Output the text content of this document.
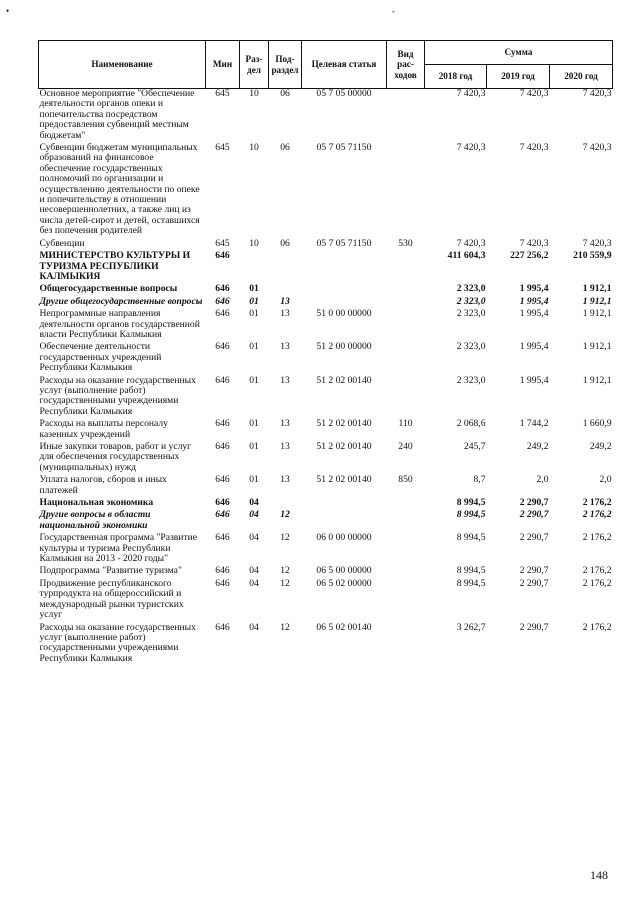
•	-
Наименование	Мин	Раз-дел	Под-раздел	Целевая статья	Вид рас-ходов	Сумма		
						2018 год	2019 год	2020 год
Основное мероприятие "Обеспечение деятельности органов опеки и попечительства посредством предоставления субвенций местным бюджетам"	645	10	06	05 7 05 00000		7 420,3	7 420,3	7 420,3
Субвенции бюджетам муниципальных образований на финансовое обеспечение государственных полномочий по организации и осуществлению деятельности по опеке и попечительству в отношении несовершеннолетних, а также лиц из числа детей-сирот и детей, оставшихся без попечения родителей	645	10	06	05 7 05 71150		7 420,3	7 420,3	7 420,3
Субвенции	645	10	06	05 7 05 71150	530	7 420,3	7 420,3	7 420,3
МИНИСТЕРСТВО КУЛЬТУРЫ И ТУРИЗМА РЕСПУБЛИКИ КАЛМЫКИЯ	646					411 604,3	227 256,2	210 559,9
Общегосударственные вопросы	646	01				2 323,0	1 995,4	1 912,1
Другие общегосударственные вопросы	646	01	13			2 323,0	1 995,4	1 912,1
Непрограммные направления деятельности органов государственной власти Республики Калмыкия	646	01	13	51 0 00 00000		2 323,0	1 995,4	1 912,1
Обеспечение деятельности государственных учреждений Республики Калмыкия	646	01	13	51 2 00 00000		2 323,0	1 995,4	1 912,1
Расходы на оказание государственных услуг (выполнение работ) государственными учреждениями Республики Калмыкия	646	01	13	51 2 02 00140		2 323,0	1 995,4	1 912,1
Расходы на выплаты персоналу казенных учреждений	646	01	13	51 2 02 00140	110	2 068,6	1 744,2	1 660,9
Иные закупки товаров, работ и услуг для обеспечения государственных (муниципальных) нужд	646	01	13	51 2 02 00140	240	245,7	249,2	249,2
Уплата налогов, сборов и иных платежей	646	01	13	51 2 02 00140	850	8,7	2,0	2,0
Национальная экономика	646	04				8 994,5	2 290,7	2 176,2
Другие вопросы в области национальной экономики	646	04	12			8 994,5	2 290,7	2 176,2
Государственная программа "Развитие культуры и туризма Республики Калмыкия на 2013 - 2020 годы"	646	04	12	06 0 00 00000		8 994,5	2 290,7	2 176,2
Подпрограмма "Развитие туризма"	646	04	12	06 5 00 00000		8 994,5	2 290,7	2 176,2
Продвижение республиканского турпродукта на общероссийский и международный рынки туристских услуг	646	04	12	06 5 02 00000		8 994,5	2 290,7	2 176,2
Расходы на оказание государственных услуг (выполнение работ) государственными учреждениями Республики Калмыкия	646	04	12	06 5 02 00140		3 262,7	2 290,7	2 176,2
148
